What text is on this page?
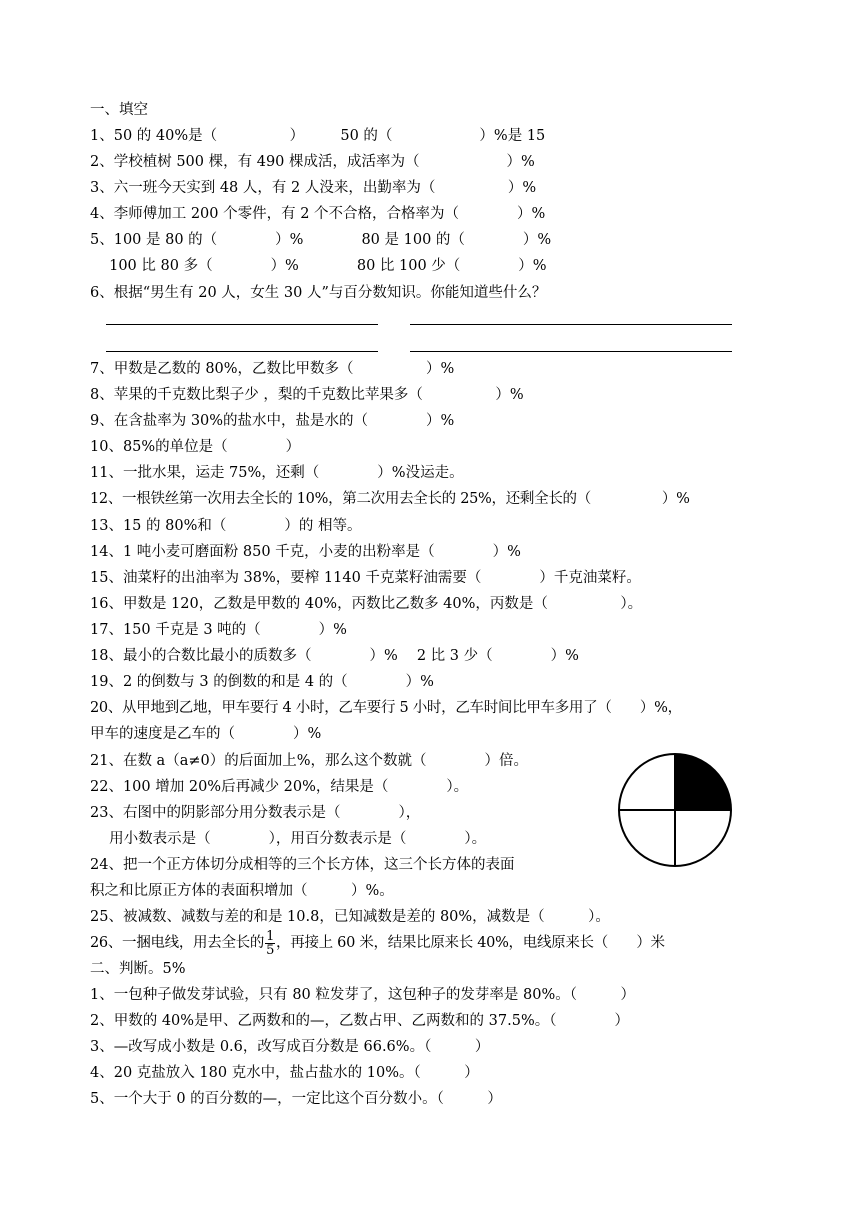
一、填空
1、50 的 40%是（　　　　　）　　　50 的（　　　　　　）%是 15
2、学校植树 500 棵，有 490 棵成活，成活率为（　　　　　　）%
3、六一班今天实到 48 人，有 2 人没来，出勤率为（　　　　　）%
4、李师傅加工 200 个零件，有 2 个不合格，合格率为（　　　　）%
5、100 是 80 的（　　　　）%　　　　80 是 100 的（　　　　）%
　 100 比 80 多（　　　　）%　　　　80 比 100 少（　　　　）%
6、根据“男生有 20 人，女生 30 人”与百分数知识。你能知道些什么？
7、甲数是乙数的 80%，乙数比甲数多（　　　　　）%
8、苹果的千克数比梨子少 ，梨的千克数比苹果多（　　　　　）%
9、在含盐率为 30%的盐水中，盐是水的（　　　　）%
10、85%的单位是（　　　　）
11、一批水果，运走 75%，还剩（　　　　）%没运走。
12、一根铁丝第一次用去全长的 10%，第二次用去全长的 25%，还剩全长的（　　　　　）%
13、15 的 80%和（　　　　）的 相等。
14、1 吨小麦可磨面粉 850 千克，小麦的出粉率是（　　　　）%
15、油菜籽的出油率为 38%，要榨 1140 千克菜籽油需要（　　　　）千克油菜籽。
16、甲数是 120，乙数是甲数的 40%，丙数比乙数多 40%，丙数是（　　　　　）。
17、150 千克是 3 吨的（　　　　）%
18、最小的合数比最小的质数多（　　　　）%　 2 比 3 少（　　　　）%
19、2 的倒数与 3 的倒数的和是 4 的（　　　　）%
20、从甲地到乙地，甲车要行 4 小时，乙车要行 5 小时，乙车时间比甲车多用了（　　）%，
甲车的速度是乙车的（　　　　）%
21、在数 a（a≠0）的后面加上%，那么这个数就（　　　　）倍。
22、100 增加 20%后再减少 20%，结果是（　　　　）。
23、右图中的阴影部分用分数表示是（　　　　），
　 用小数表示是（　　　　），用百分数表示是（　　　　）。
24、把一个正方体切分成相等的三个长方体，这三个长方体的表面
积之和比原正方体的表面积增加（　　　）%。
25、被减数、减数与差的和是 10.8，已知减数是差的 80%，减数是（　　　）。
26、一捆电线，用去全长的 $\frac{1}{5}$ ，再接上 60 米，结果比原来长 40%，电线原来长（　　）米
二、判断。5%
1、一包种子做发芽试验，只有 80 粒发芽了，这包种子的发芽率是 80%。（　　　）
2、甲数的 40%是甲、乙两数和的—，乙数占甲、乙两数和的 37.5%。（　　　　）
3、—改写成小数是 0.6，改写成百分数是 66.6%。（　　　）
4、20 克盐放入 180 克水中，盐占盐水的 10%。（　　　）
5、一个大于 0 的百分数的—，一定比这个百分数小。（　　　）
